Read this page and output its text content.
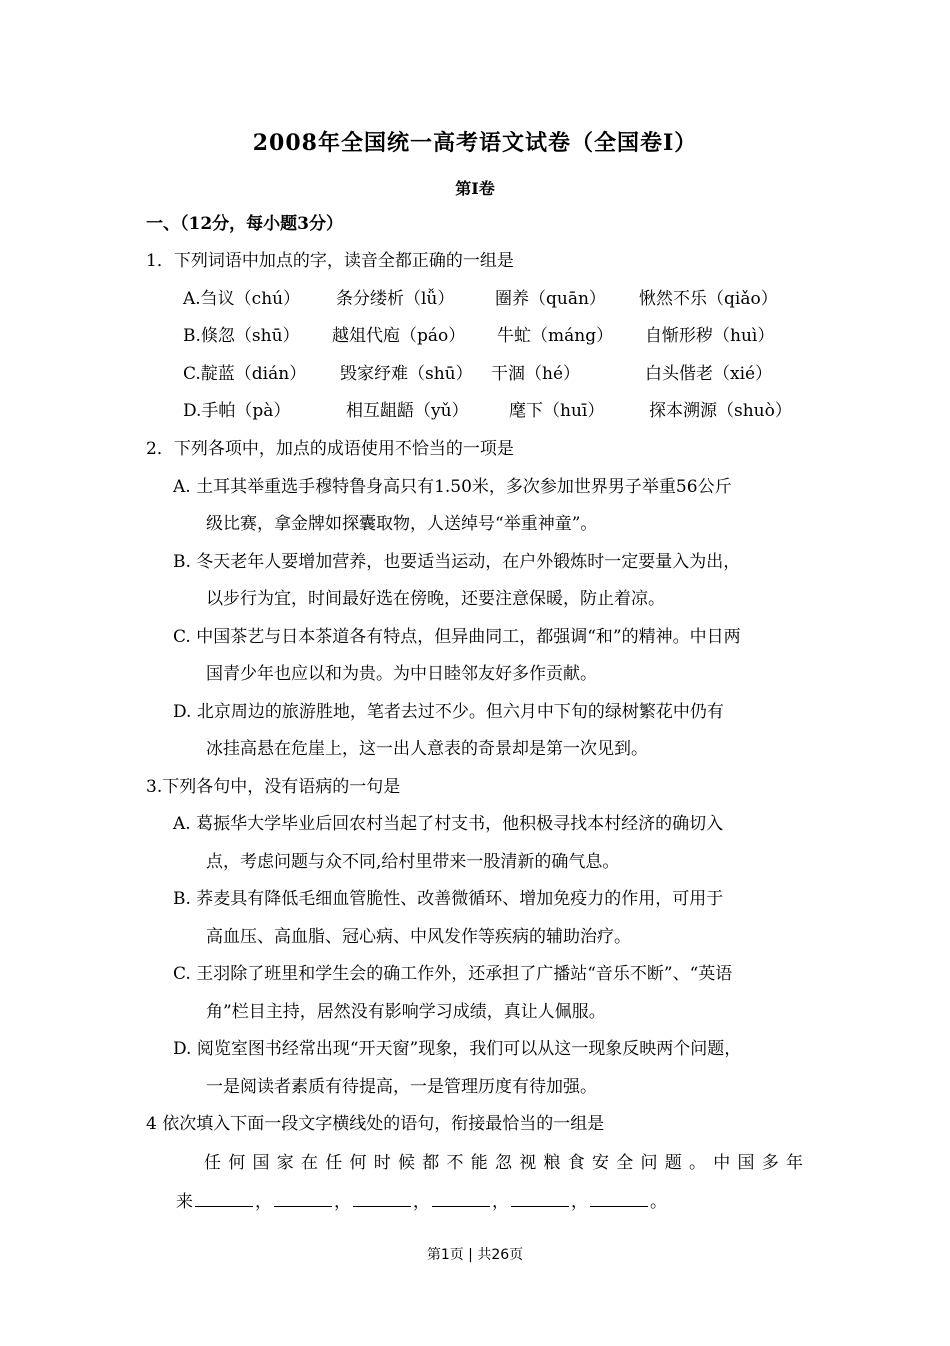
2008年全国统一高考语文试卷（全国卷I）
第I卷
一、（12分，每小题3分）
1．下列词语中加点的字，读音全都正确的一组是
A.刍议（chú） 条分缕析（lǚ） 圈养（quān） 愀然不乐（qiǎo）
B.倏忽（shū） 越俎代庖（páo） 牛虻（máng） 自惭形秽（huì）
C.靛蓝（dián） 毁家纾难（shū） 干涸（hé）	白头偕老（xié）
D.手帕（pà）	相互龃龉（yǔ） 麾下（huī）	探本溯源（shuò）
2．下列各项中，加点的成语使用不恰当的一项是
A. 土耳其举重选手穆特鲁身高只有1.50米，多次参加世界男子举重56公斤
级比赛，拿金牌如探囊取物，人送绰号“举重神童”。
B. 冬天老年人要增加营养，也要适当运动，在户外锻炼时一定要量入为出，
以步行为宜，时间最好选在傍晚，还要注意保暖，防止着凉。
C. 中国茶艺与日本茶道各有特点，但异曲同工，都强调“和”的精神。中日两
国青少年也应以和为贵。为中日睦邻友好多作贡献。
D. 北京周边的旅游胜地，笔者去过不少。但六月中下旬的绿树繁花中仍有
冰挂高悬在危崖上，这一出人意表的奇景却是第一次见到。
3.下列各句中，没有语病的一句是
A. 葛振华大学毕业后回农村当起了村支书，他积极寻找本村经济的确切入
点，考虑问题与众不同,给村里带来一股清新的确气息。
B. 荞麦具有降低毛细血管脆性、改善微循环、增加免疫力的作用，可用于
高血压、高血脂、冠心病、中风发作等疾病的辅助治疗。
C. 王羽除了班里和学生会的确工作外，还承担了广播站“音乐不断”、“英语
角”栏目主持，居然没有影响学习成绩，真让人佩服。
D. 阅览室图书经常出现“开天窗”现象，我们可以从这一现象反映两个问题，
一是阅读者素质有待提高，一是管理历度有待加强。
4 依次填入下面一段文字横线处的语句，衔接最恰当的一组是
任何国家在任何时候都不能忽视粮食安全问题。中国多年
来	，	，	，	，	，	。
第1页 | 共26页
